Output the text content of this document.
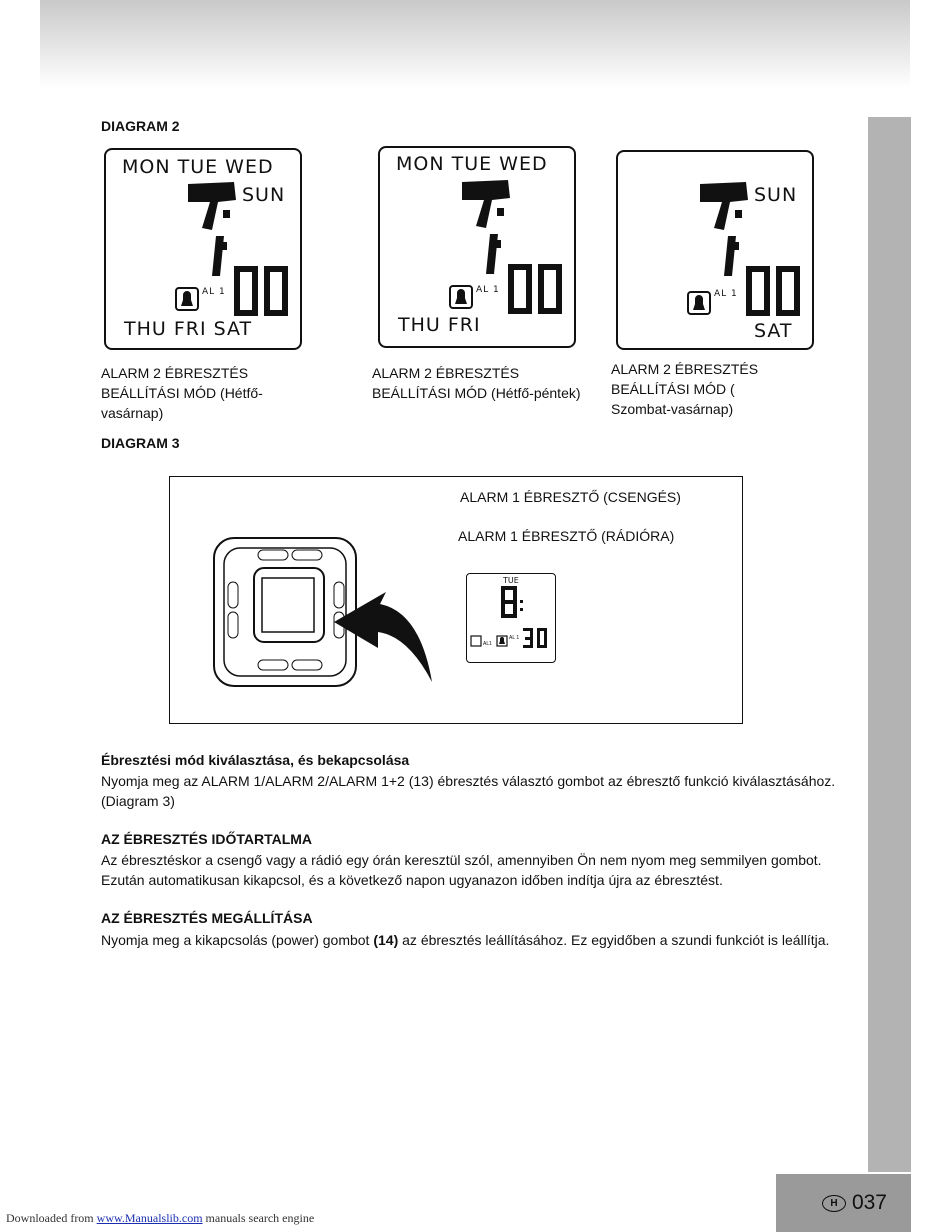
DIAGRAM 2
MON TUE WED
SUN
AL 1
THU FRI SAT
MON TUE WED
AL 1
THU FRI
SUN
AL 1
SAT
ALARM 2 ÉBRESZTÉS
BEÁLLÍTÁSI MÓD (Hétfő-
vasárnap)
ALARM 2 ÉBRESZTÉS
BEÁLLÍTÁSI MÓD (Hétfő-péntek)
ALARM 2 ÉBRESZTÉS
BEÁLLÍTÁSI MÓD (
Szombat-vasárnap)
DIAGRAM 3
ALARM 1 ÉBRESZTŐ (CSENGÉS)
ALARM 1 ÉBRESZTŐ (RÁDIÓRA)
TUE
AL1
AL 1
Ébresztési mód kiválasztása, és bekapcsolása
Nyomja meg az ALARM 1/ALARM 2/ALARM 1+2 (13) ébresztés választó gombot az ébresztő funkció kiválasztásához. (Diagram 3)
AZ ÉBRESZTÉS IDŐTARTALMA
Az ébresztéskor a csengő vagy a rádió egy órán keresztül szól, amennyiben Ön nem nyom meg semmilyen gombot. Ezután automatikusan kikapcsol, és a következő napon ugyanazon időben indítja újra az ébresztést.
AZ ÉBRESZTÉS MEGÁLLÍTÁSA
Nyomja meg a kikapcsolás (power) gombot (14) az ébresztés leállításához. Ez egyidőben a szundi funkciót is leállítja.
H 037
Downloaded from www.Manualslib.com manuals search engine
